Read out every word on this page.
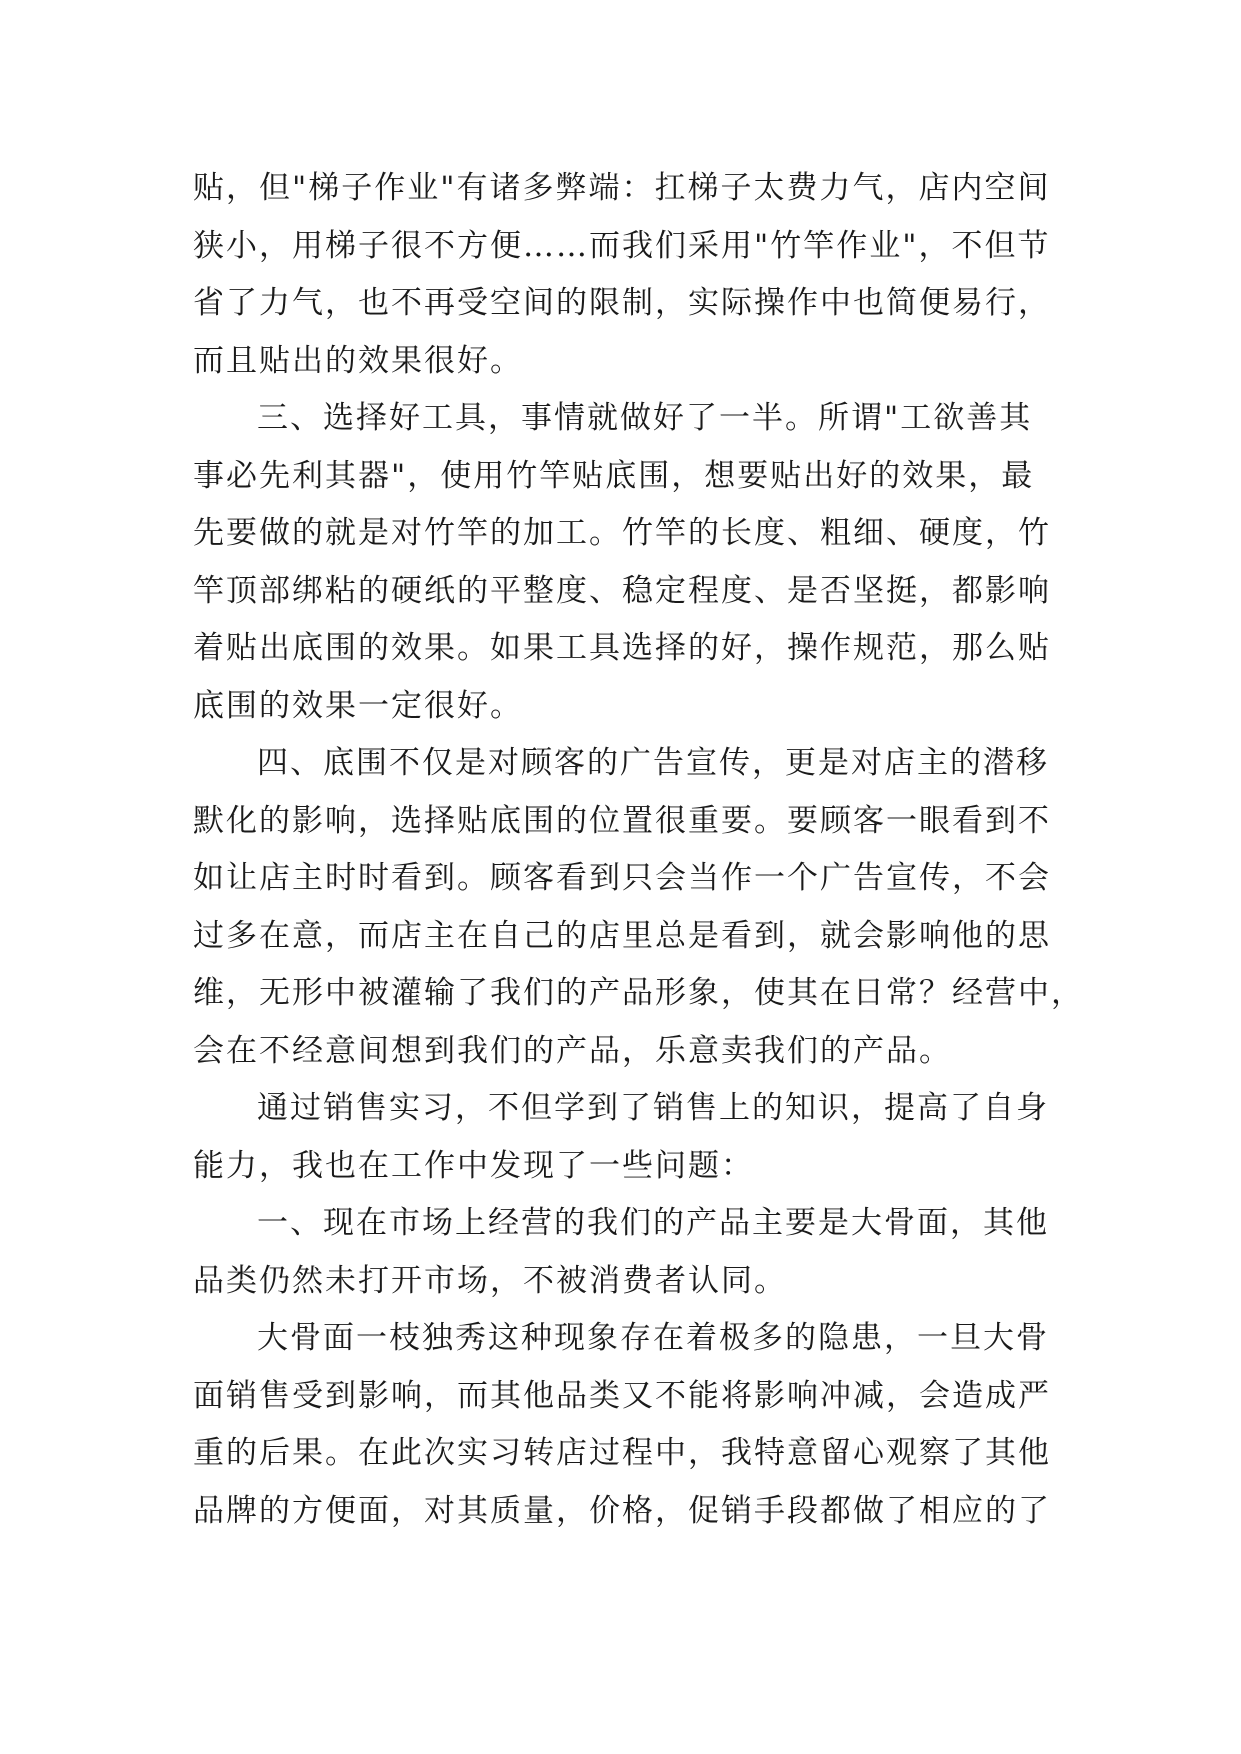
贴，但"梯子作业"有诸多弊端：扛梯子太费力气，店内空间
狭小，用梯子很不方便……而我们采用"竹竿作业"，不但节
省了力气，也不再受空间的限制，实际操作中也简便易行，
而且贴出的效果很好。
三、选择好工具，事情就做好了一半。所谓"工欲善其
事必先利其器"，使用竹竿贴底围，想要贴出好的效果，最
先要做的就是对竹竿的加工。竹竿的长度、粗细、硬度，竹
竿顶部绑粘的硬纸的平整度、稳定程度、是否坚挺，都影响
着贴出底围的效果。如果工具选择的好，操作规范，那么贴
底围的效果一定很好。
四、底围不仅是对顾客的广告宣传，更是对店主的潜移
默化的影响，选择贴底围的位置很重要。要顾客一眼看到不
如让店主时时看到。顾客看到只会当作一个广告宣传，不会
过多在意，而店主在自己的店里总是看到，就会影响他的思
维，无形中被灌输了我们的产品形象，使其在日常？经营中，
会在不经意间想到我们的产品，乐意卖我们的产品。
通过销售实习，不但学到了销售上的知识，提高了自身
能力，我也在工作中发现了一些问题：
一、现在市场上经营的我们的产品主要是大骨面，其他
品类仍然未打开市场，不被消费者认同。
大骨面一枝独秀这种现象存在着极多的隐患，一旦大骨
面销售受到影响，而其他品类又不能将影响冲减，会造成严
重的后果。在此次实习转店过程中，我特意留心观察了其他
品牌的方便面，对其质量，价格，促销手段都做了相应的了
